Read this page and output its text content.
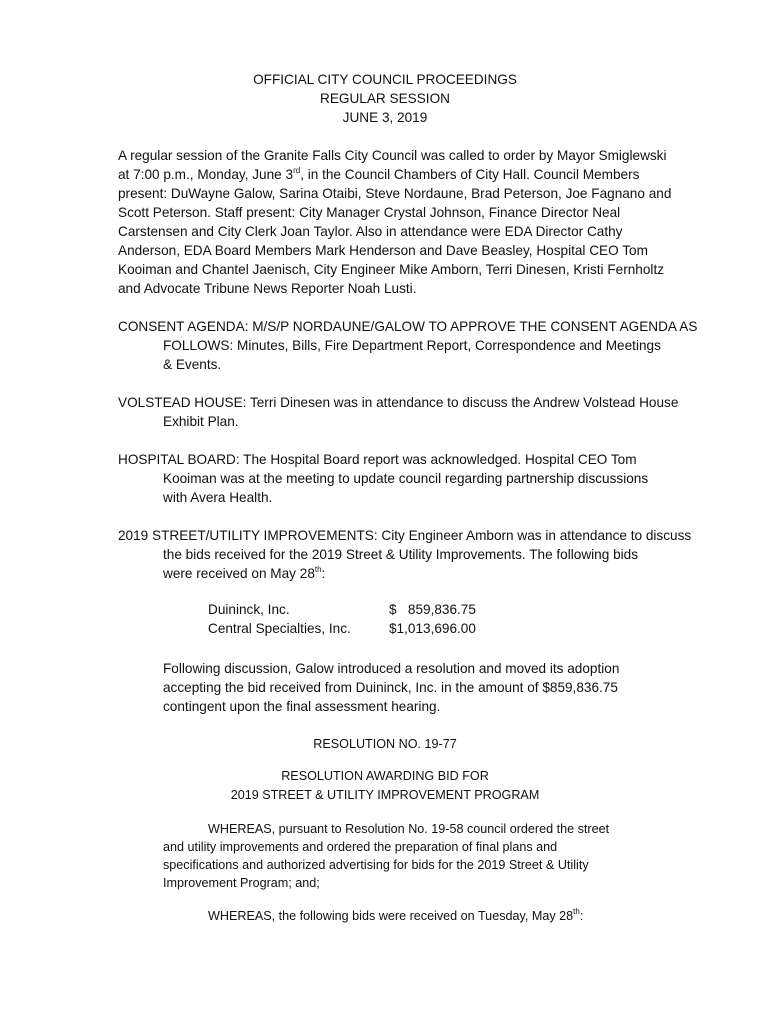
OFFICIAL CITY COUNCIL PROCEEDINGS
REGULAR SESSION
JUNE 3, 2019
A regular session of the Granite Falls City Council was called to order by Mayor Smiglewski
at 7:00 p.m., Monday, June 3rd, in the Council Chambers of City Hall. Council Members
present: DuWayne Galow, Sarina Otaibi, Steve Nordaune, Brad Peterson, Joe Fagnano and
Scott Peterson. Staff present: City Manager Crystal Johnson, Finance Director Neal
Carstensen and City Clerk Joan Taylor. Also in attendance were EDA Director Cathy
Anderson, EDA Board Members Mark Henderson and Dave Beasley, Hospital CEO Tom
Kooiman and Chantel Jaenisch, City Engineer Mike Amborn, Terri Dinesen, Kristi Fernholtz
and Advocate Tribune News Reporter Noah Lusti.
CONSENT AGENDA: M/S/P NORDAUNE/GALOW TO APPROVE THE CONSENT AGENDA AS
FOLLOWS: Minutes, Bills, Fire Department Report, Correspondence and Meetings
& Events.
VOLSTEAD HOUSE: Terri Dinesen was in attendance to discuss the Andrew Volstead House
Exhibit Plan.
HOSPITAL BOARD: The Hospital Board report was acknowledged. Hospital CEO Tom
Kooiman was at the meeting to update council regarding partnership discussions
with Avera Health.
2019 STREET/UTILITY IMPROVEMENTS: City Engineer Amborn was in attendance to discuss
the bids received for the 2019 Street & Utility Improvements. The following bids
were received on May 28th:
Duininck, Inc.	$   859,836.75
Central Specialties, Inc.	$1,013,696.00
Following discussion, Galow introduced a resolution and moved its adoption
accepting the bid received from Duininck, Inc. in the amount of $859,836.75
contingent upon the final assessment hearing.
RESOLUTION NO. 19-77
RESOLUTION AWARDING BID FOR
2019 STREET & UTILITY IMPROVEMENT PROGRAM
WHEREAS, pursuant to Resolution No. 19-58 council ordered the street
and utility improvements and ordered the preparation of final plans and
specifications and authorized advertising for bids for the 2019 Street & Utility
Improvement Program; and;
WHEREAS, the following bids were received on Tuesday, May 28th:
